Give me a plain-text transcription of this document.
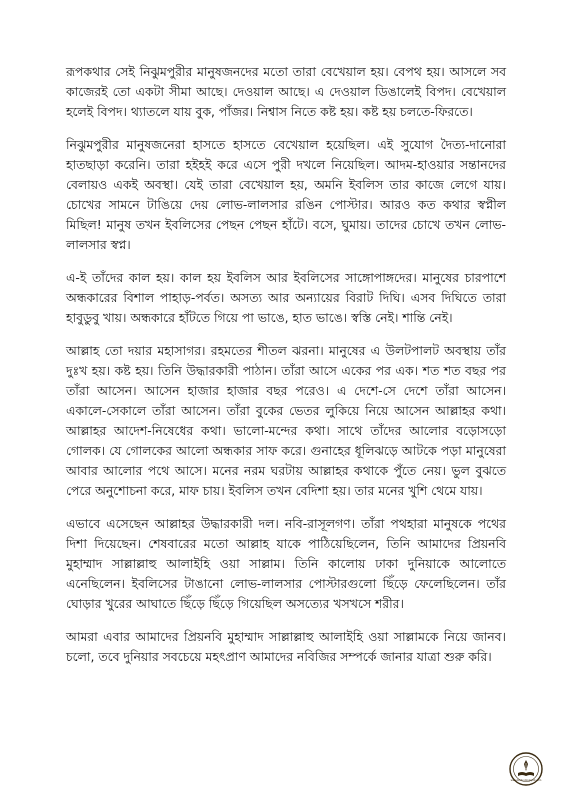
রূপকথার সেই নিঝুমপুরীর মানুষজনদের মতো তারা বেখেয়াল হয়। বেপথ হয়। আসলে সব কাজেরই তো একটা সীমা আছে। দেওয়াল আছে। এ দেওয়াল ডিঙালেই বিপদ। বেখেয়াল হলেই বিপদ। থ্যাতলে যায় বুক, পাঁজর। নিশ্বাস নিতে কষ্ট হয়। কষ্ট হয় চলতে-ফিরতে।

নিঝুমপুরীর মানুষজনেরা হাসতে হাসতে বেখেয়াল হয়েছিল। এই সুযোগ দৈত্য-দানোরা হাতছাড়া করেনি। তারা হইহই করে এসে পুরী দখলে নিয়েছিল। আদম-হাওয়ার সন্তানদের বেলায়ও একই অবস্থা। যেই তারা বেখেয়াল হয়, অমনি ইবলিস তার কাজে লেগে যায়। চোখের সামনে টাঙিয়ে দেয় লোভ-লালসার রঙিন পোস্টার। আরও কত কথার স্বপ্নীল মিছিল! মানুষ তখন ইবলিসের পেছন পেছন হাঁটে। বসে, ঘুমায়। তাদের চোখে তখন লোভ-লালসার স্বপ্ন।

এ-ই তাঁদের কাল হয়। কাল হয় ইবলিস আর ইবলিসের সাঙ্গোপাঙ্গদের। মানুষের চারপাশে অন্ধকারের বিশাল পাহাড়-পর্বত। অসত্য আর অন্যায়ের বিরাট দিঘি। এসব দিঘিতে তারা হাবুডুবু খায়। অন্ধকারে হাঁটতে গিয়ে পা ভাঙে, হাত ভাঙে। স্বস্তি নেই। শান্তি নেই।

আল্লাহ তো দয়ার মহাসাগর। রহমতের শীতল ঝরনা। মানুষের এ উলটপালট অবস্থায় তাঁর দুঃখ হয়। কষ্ট হয়। তিনি উদ্ধারকারী পাঠান। তাঁরা আসে একের পর এক। শত শত বছর পর তাঁরা আসেন। আসেন হাজার হাজার বছর পরেও। এ দেশে-সে দেশে তাঁরা আসেন। একালে-সেকালে তাঁরা আসেন। তাঁরা বুকের ভেতর লুকিয়ে নিয়ে আসেন আল্লাহর কথা। আল্লাহর আদেশ-নিষেধের কথা। ভালো-মন্দের কথা। সাথে তাঁদের আলোর বড়োসড়ো গোলক। যে গোলকের আলো অন্ধকার সাফ করে। গুনাহের ধূলিঝড়ে আটকে পড়া মানুষেরা আবার আলোর পথে আসে। মনের নরম ঘরটায় আল্লাহর কথাকে পুঁতে নেয়। ভুল বুঝতে পেরে অনুশোচনা করে, মাফ চায়। ইবলিস তখন বেদিশা হয়। তার মনের খুশি থেমে যায়।

এভাবে এসেছেন আল্লাহর উদ্ধারকারী দল। নবি-রাসূলগণ। তাঁরা পথহারা মানুষকে পথের দিশা দিয়েছেন। শেষবারের মতো আল্লাহ যাকে পাঠিয়েছিলেন, তিনি আমাদের প্রিয়নবি মুহাম্মাদ সাল্লাল্লাহু আলাইহি ওয়া সাল্লাম। তিনি কালোয় ঢাকা দুনিয়াকে আলোতে এনেছিলেন। ইবলিসের টাঙানো লোভ-লালসার পোস্টারগুলো ছিঁড়ে ফেলেছিলেন। তাঁর ঘোড়ার খুরের আঘাতে ছিঁড়ে ছিঁড়ে গিয়েছিল অসত্যের খসখসে শরীর।

আমরা এবার আমাদের প্রিয়নবি মুহাম্মাদ সাল্লাল্লাহু আলাইহি ওয়া সাল্লামকে নিয়ে জানব। চলো, তবে দুনিয়ার সবচেয়ে মহৎপ্রাণ আমাদের নবিজির সম্পর্কে জানার যাত্রা শুরু করি।

www.boiboi.blogspot.com
